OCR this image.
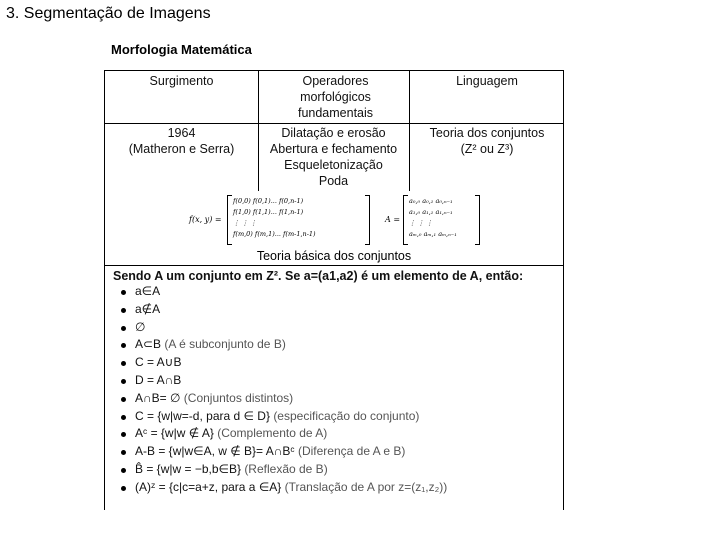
3. Segmentação de Imagens
Morfologia Matemática
Surgimento	Operadores morfológicos fundamentais
Linguagem
1964
(Matheron e Serra)
Dilatação e erosão
Abertura e fechamento
Esqueletonização
Poda
Teoria dos conjuntos
(Z² ou Z³)
f(x, y) =
f(0,0) f(0,1)... f(0,n-1)
f(1,0) f(1,1)... f(1,n-1)
⋮ ⋮ ⋮
f(m,0) f(m,1)... f(m-1,n-1)
A =
a₀,₀ a₀,₁ a₀,ₙ₋₁
a₁,₀ a₁,₁ a₁,ₙ₋₁
⋮ ⋮ ⋮
aₘ,₀ aₘ,₁ aₘ,ₙ₋₁
Teoria básica dos conjuntos
Sendo A um conjunto em Z². Se a=(a1,a2) é um elemento de A, então:
a∈A
a∉A
∅
A⊂B (A é subconjunto de B)
C = A∪B
D = A∩B
A∩B= ∅ (Conjuntos distintos)
C = {w|w=-d, para d ∈ D} (especificação do conjunto)
Aᶜ = {w|w ∉ A} (Complemento de A)
A-B = {w|w∈A, w ∉ B}= A∩Bᶜ (Diferença de A e B)
B̂ = {w|w = −b,b∈B} (Reflexão de B)
(A)ᶻ = {c|c=a+z, para a ∈A} (Translação de A por z=(z₁,z₂))
